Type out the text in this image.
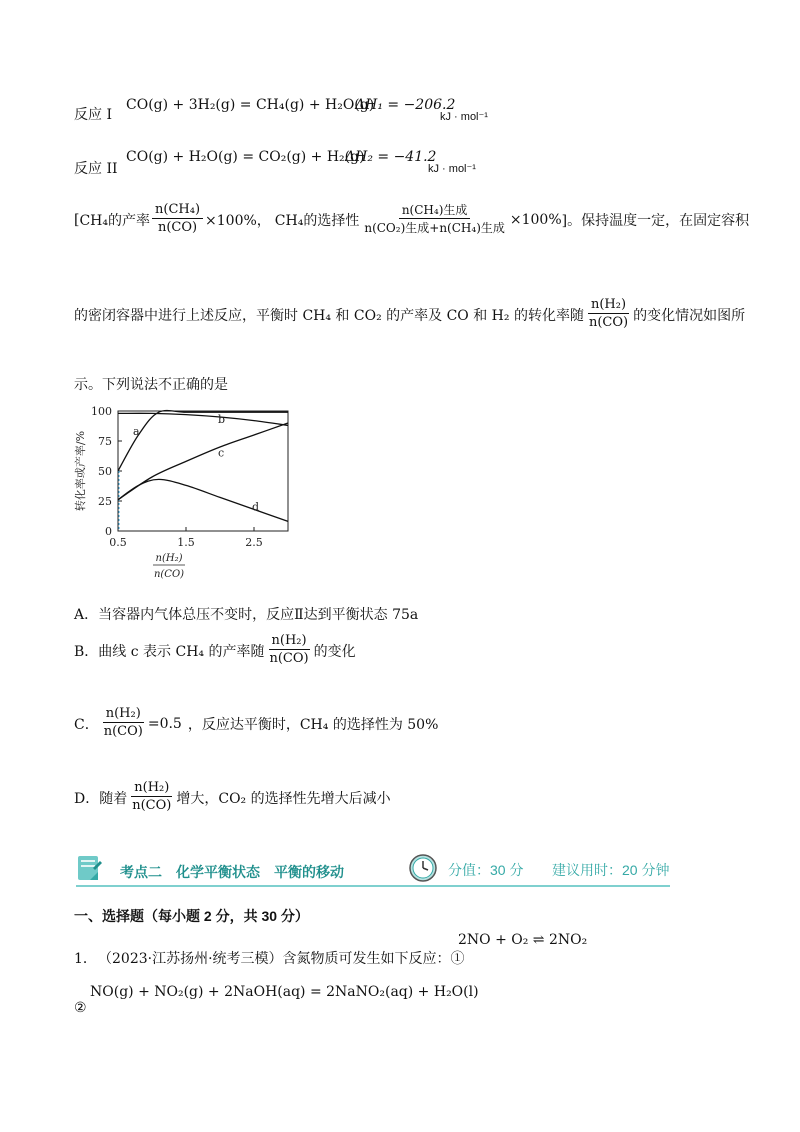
反应 I
CO(g) + 3H₂(g) = CH₄(g) + H₂O(g)
ΔH₁ = −206.2
kJ · mol⁻¹
反应 II
CO(g) + H₂O(g) = CO₂(g) + H₂(g)
ΔH₂ = −41.2
kJ · mol⁻¹
[ CH₄的产率 $\frac{\text{n(CH₄)}}{n(CO)} \times 100\%$， CH₄的选择性 $\frac{\text{n(CH₄)生成}}{\text{n(CO₂)生成+n(CH₄)生成}} \times 100\%$ ]。保持温度一定，在固定容积
的密闭容器中进行上述反应，平衡时 CH₄ 和 CO₂ 的产率及 CO 和 H₂ 的转化率随 $\frac{\text{n(H₂)}}{n(CO)}$ 的变化情况如图所
示。下列说法不正确的是
0
25
50
75
100
0.5	1.5	2.5
转化率或产率/%
n(H₂)
n(CO)
a
b
c
d
A．当容器内气体总压不变时，反应Ⅱ达到平衡状态 75a
B． 曲线 c 表示 CH₄ 的产率随 $\frac{\text{n(H₂)}}{n(CO)}$ 的变化
C． $\frac{\text{n(H₂)}}{n(CO)} =0.5$ ，反应达平衡时，CH₄ 的选择性为 50%
D． 随着 $\frac{\text{n(H₂)}}{n(CO)}$ 增大，CO₂ 的选择性先增大后减小
考点二　化学平衡状态　平衡的移动	分值：30 分 建议用时：20 分钟
一、选择题（每小题 2 分，共 30 分）
1． （2023·江苏扬州·统考三模）含氮物质可发生如下反应：①
2NO + O₂ ⇌ 2NO₂
②
NO(g) + NO₂(g) + 2NaOH(aq) = 2NaNO₂(aq) + H₂O(l)
